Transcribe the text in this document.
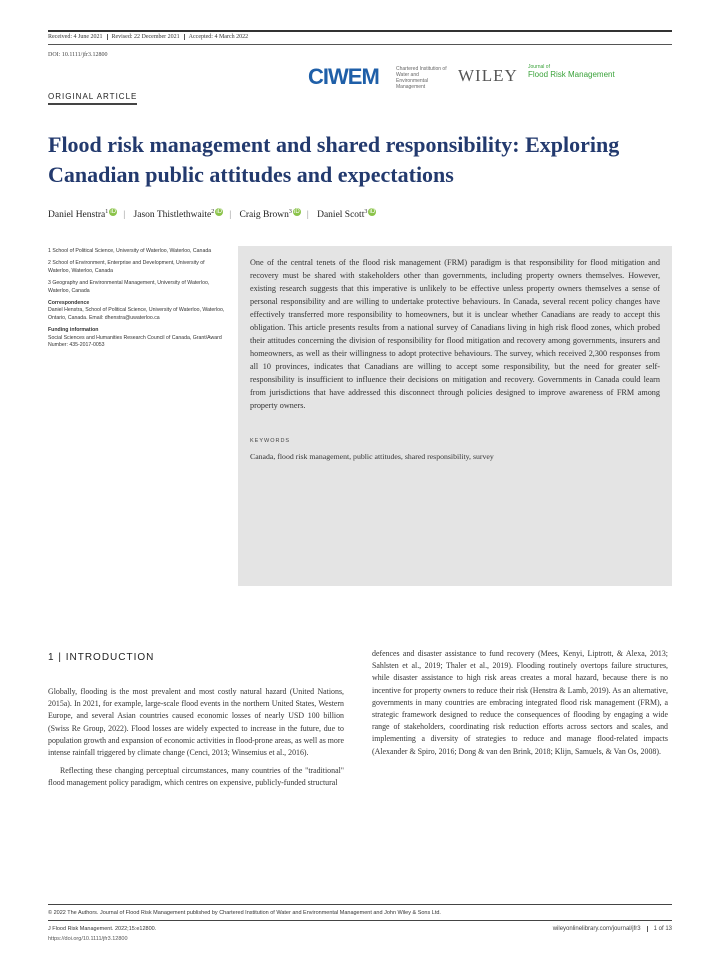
Received: 4 June 2021 Revised: 22 December 2021 Accepted: 4 March 2022
DOI: 10.1111/jfr3.12800
CIWEM	Chartered Institution of Water and Environmental Management
WILEY Journal of
Flood Risk Management
ORIGINAL ARTICLE
Flood risk management and shared responsibility: Exploring Canadian public attitudes and expectations
Daniel Henstra$^1$ iD | Jason Thistlethwaite$^2$ iD | Craig Brown$^3$ iD | Daniel Scott$^3$ iD

1 School of Political Science, University of Waterloo, Waterloo, Canada

2 School of Environment, Enterprise and Development, University of Waterloo, Waterloo, Canada

3 Geography and Environmental Management, University of Waterloo, Waterloo, Canada

Correspondence

Daniel Henstra, School of Political Science, University of Waterloo, Waterloo, Ontario, Canada. Email: dhenstra@uwaterloo.ca

Funding information

Social Sciences and Humanities Research Council of Canada, Grant/Award Number: 435-2017-0053

One of the central tenets of the flood risk management (FRM) paradigm is that responsibility for flood mitigation and recovery must be shared with stakeholders other than governments, including property owners themselves. However, existing research suggests that this imperative is unlikely to be effective unless property owners themselves a sense of personal responsibility and are willing to undertake protective behaviours. In Canada, several recent policy changes have effectively transferred more responsibility to homeowners, but it is unclear whether Canadians are ready to accept this obligation. This article presents results from a national survey of Canadians living in high risk flood zones, which probed their attitudes concerning the division of responsibility for flood mitigation and recovery among governments, insurers and homeowners, as well as their willingness to adopt protective behaviours. The survey, which received 2,300 responses from all 10 provinces, indicates that Canadians are willing to accept some responsibility, but the need for greater self-responsibility is insufficient to influence their decisions on mitigation and recovery. Governments in Canada could learn from jurisdictions that have addressed this disconnect through policies designed to improve awareness of FRM among property owners.

KEYWORDS
Canada, flood risk management, public attitudes, shared responsibility, survey
1 | INTRODUCTION

Globally, flooding is the most prevalent and most costly natural hazard (United Nations, 2015a). In 2021, for example, large-scale flood events in the northern United States, Western Europe, and several Asian countries caused economic losses of nearly USD 100 billion (Swiss Re Group, 2022). Flood losses are widely expected to increase in the future, due to population growth and expansion of economic activities in flood-prone areas, as well as more intense rainfall triggered by climate change (Cenci, 2013; Winsemius et al., 2016).

Reflecting these changing perceptual circumstances, many countries of the "traditional" flood management policy paradigm, which centres on expensive, publicly-funded structural

defences and disaster assistance to fund recovery (Mees, Kenyi, Liptrott, & Alexa, 2013; Sahlsten et al., 2019; Thaler et al., 2019). Flooding routinely overtops failure structures, while disaster assistance to high risk areas creates a moral hazard, because there is no incentive for property owners to reduce their risk (Henstra & Lamb, 2019). As an alternative, governments in many countries are embracing integrated flood risk management (FRM), a strategic framework designed to reduce the consequences of flooding by engaging a wide range of stakeholders, coordinating risk reduction efforts across sectors and scales, and implementing a diversity of strategies to reduce and manage flood-related impacts (Alexander & Spiro, 2016; Dong & van den Brink, 2018; Klijn, Samuels, & Van Os, 2008).

© 2022 The Authors. Journal of Flood Risk Management published by Chartered Institution of Water and Environmental Management and John Wiley & Sons Ltd.
J Flood Risk Management. 2022;15:e12800.
https://doi.org/10.1111/jfr3.12800
wileyonlinelibrary.com/journal/jfr3 1 of 13
